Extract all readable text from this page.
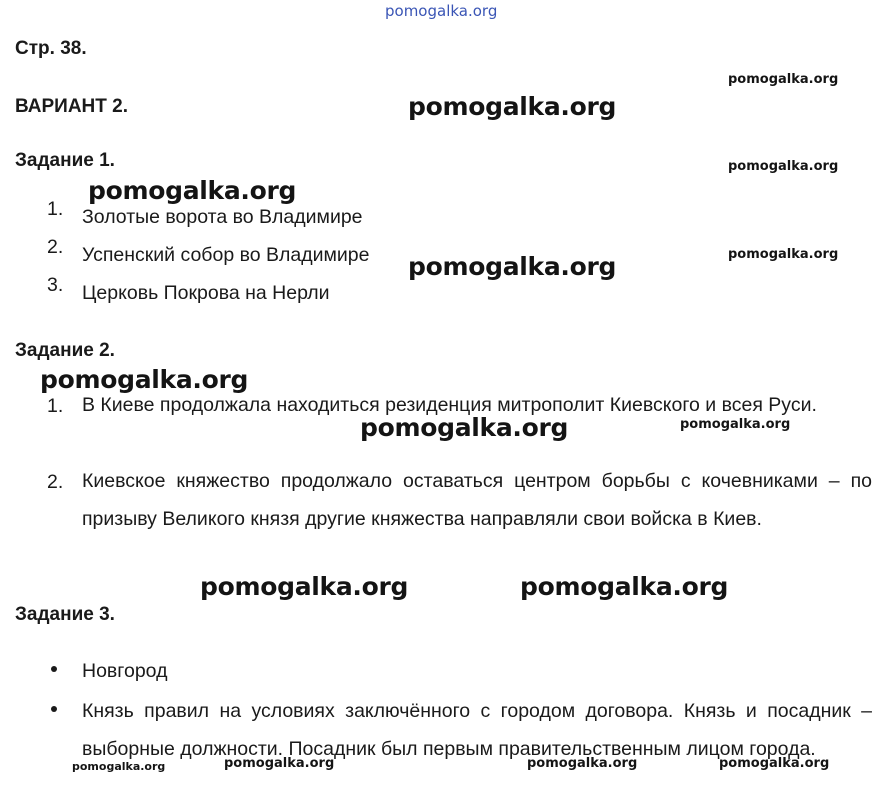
pomogalka.org
Стр. 38.
ВАРИАНТ 2.
Задание 1.
1. Золотые ворота во Владимире
2. Успенский собор во Владимире
3. Церковь Покрова на Нерли
Задание 2.
1. В Киеве продолжала находиться резиденция митрополит Киевского и всея Руси.
2. Киевское княжество продолжало оставаться центром борьбы с кочевниками – по призыву Великого князя другие княжества направляли свои войска в Киев.
Задание 3.
Новгород
Князь правил на условиях заключённого с городом договора. Князь и посадник – выборные должности. Посадник был первым правительственным лицом города.
pomogalka.org
pomogalka.org
pomogalka.org
pomogalka.org
pomogalka.org
pomogalka.org
pomogalka.org
pomogalka.org	pomogalka.org
pomogalka.org	pomogalka.org
pomogalka.org	pomogalka.org	pomogalka.org	pomogalka.org
